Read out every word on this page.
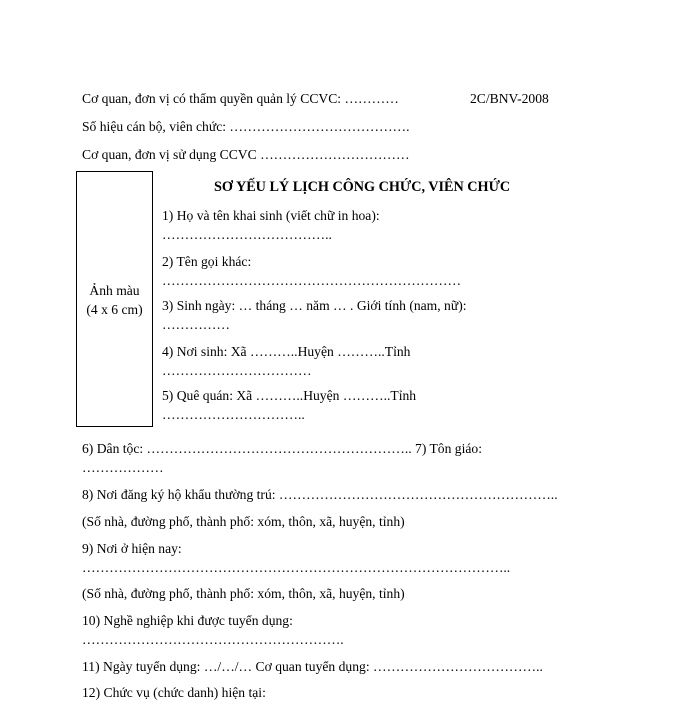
Cơ quan, đơn vị có thẩm quyền quản lý CCVC: …………	2C/BNV-2008
Số hiệu cán bộ, viên chức: ………………………………….
Cơ quan, đơn vị sử dụng CCVC ……………………………
Ảnh màu
(4 x 6 cm)
SƠ YẾU LÝ LỊCH CÔNG CHỨC, VIÊN CHỨC
1) Họ và tên khai sinh (viết chữ in hoa):
………………………………..
2) Tên gọi khác:
…………………………………………………………
3) Sinh ngày: … tháng … năm … . Giới tính (nam, nữ):
……………
4) Nơi sinh: Xã ………..Huyện ………..Tỉnh
……………………………
5) Quê quán: Xã ………..Huyện ………..Tỉnh
…………………………..
6) Dân tộc: ………………………………………………….. 7) Tôn giáo:
………………
8) Nơi đăng ký hộ khẩu thường trú: ……………………………………………………..
(Số nhà, đường phố, thành phố: xóm, thôn, xã, huyện, tỉnh)
9) Nơi ở hiện nay:
…………………………………………………………………………………..
(Số nhà, đường phố, thành phố: xóm, thôn, xã, huyện, tỉnh)
10) Nghề nghiệp khi được tuyển dụng:
………………………………………………….
11) Ngày tuyển dụng: …/…/… Cơ quan tuyển dụng: ………………………………..
12) Chức vụ (chức danh) hiện tại:
